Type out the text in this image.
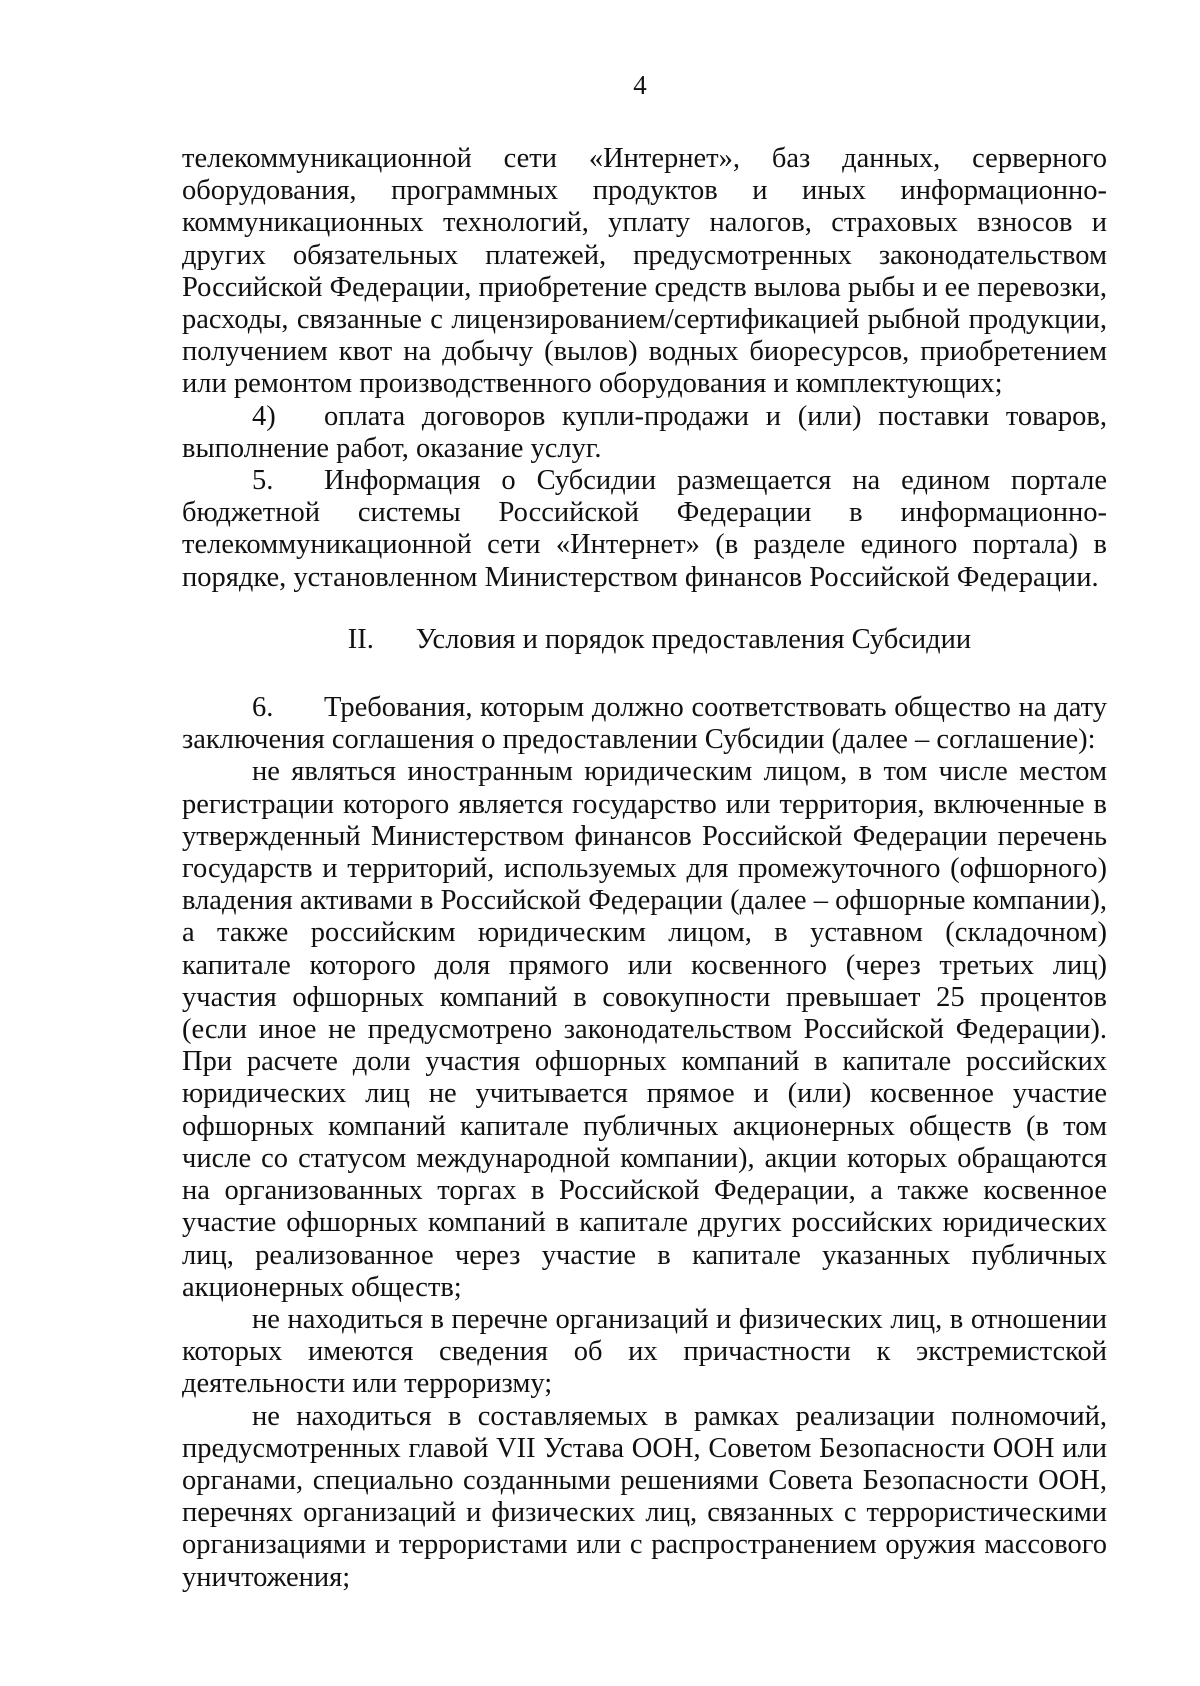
4

телекоммуникационной сети «Интернет», баз данных, серверного оборудования, программных продуктов и иных информационно-коммуникационных технологий, уплату налогов, страховых взносов и других обязательных платежей, предусмотренных законодательством Российской Федерации, приобретение средств вылова рыбы и ее перевозки, расходы, связанные с лицензированием/сертификацией рыбной продукции, получением квот на добычу (вылов) водных биоресурсов, приобретением или ремонтом производственного оборудования и комплектующих;

4) оплата договоров купли-продажи и (или) поставки товаров, выполнение работ, оказание услуг.

5. Информация о Субсидии размещается на едином портале бюджетной системы Российской Федерации в информационно-телекоммуникационной сети «Интернет» (в разделе единого портала) в порядке, установленном Министерством финансов Российской Федерации.

II. Условия и порядок предоставления Субсидии

6. Требования, которым должно соответствовать общество на дату заключения соглашения о предоставлении Субсидии (далее – соглашение):

не являться иностранным юридическим лицом, в том числе местом регистрации которого является государство или территория, включенные в утвержденный Министерством финансов Российской Федерации перечень государств и территорий, используемых для промежуточного (офшорного) владения активами в Российской Федерации (далее – офшорные компании), а также российским юридическим лицом, в уставном (складочном) капитале которого доля прямого или косвенного (через третьих лиц) участия офшорных компаний в совокупности превышает 25 процентов (если иное не предусмотрено законодательством Российской Федерации). При расчете доли участия офшорных компаний в капитале российских юридических лиц не учитывается прямое и (или) косвенное участие офшорных компаний капитале публичных акционерных обществ (в том числе со статусом международной компании), акции которых обращаются на организованных торгах в Российской Федерации, а также косвенное участие офшорных компаний в капитале других российских юридических лиц, реализованное через участие в капитале указанных публичных акционерных обществ;

не находиться в перечне организаций и физических лиц, в отношении которых имеются сведения об их причастности к экстремистской деятельности или терроризму;

не находиться в составляемых в рамках реализации полномочий, предусмотренных главой VII Устава ООН, Советом Безопасности ООН или органами, специально созданными решениями Совета Безопасности ООН, перечнях организаций и физических лиц, связанных с террористическими организациями и террористами или с распространением оружия массового уничтожения;
